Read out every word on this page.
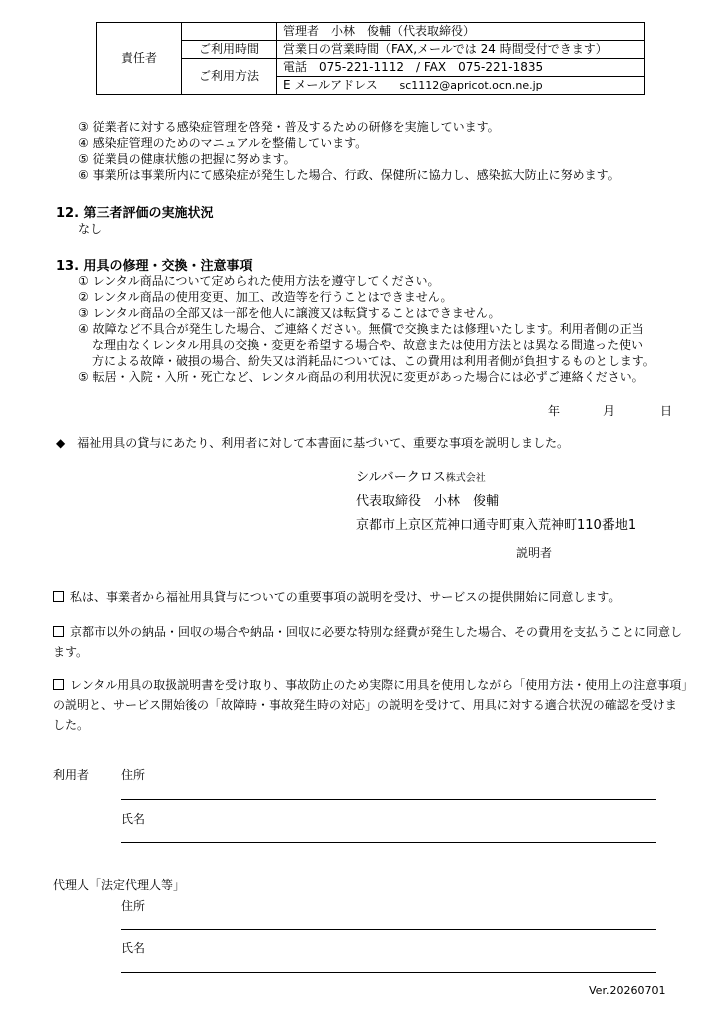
責任者		管理者　小林　俊輔（代表取締役）
	ご利用時間	営業日の営業時間（FAX,メールでは 24 時間受付できます）
	ご利用方法	電話　075-221-1112　/ FAX　075-221-1835
		E メールアドレス sc1112@apricot.ocn.ne.jp
③ 従業者に対する感染症管理を啓発・普及するための研修を実施しています。
④ 感染症管理のためのマニュアルを整備しています。
⑤ 従業員の健康状態の把握に努めます。
⑥ 事業所は事業所内にて感染症が発生した場合、行政、保健所に協力し、感染拡大防止に努めます。
12. 第三者評価の実施状況
なし
13. 用具の修理・交換・注意事項
① レンタル商品について定められた使用方法を遵守してください。
② レンタル商品の使用変更、加工、改造等を行うことはできません。
③ レンタル商品の全部又は一部を他人に譲渡又は転貸することはできません。
④ 故障など不具合が発生した場合、ご連絡ください。無償で交換または修理いたします。利用者側の正当
な理由なくレンタル用具の交換・変更を希望する場合や、故意または使用方法とは異なる間違った使い
方による故障・破損の場合、紛失又は消耗品については、この費用は利用者側が負担するものとします。
⑤ 転居・入院・入所・死亡など、レンタル商品の利用状況に変更があった場合には必ずご連絡ください。
年	月	日
◆　福祉用具の貸与にあたり、利用者に対して本書面に基づいて、重要な事項を説明しました。
シルバークロス株式会社
代表取締役　小林　俊輔
京都市上京区荒神口通寺町東入荒神町110番地1
説明者
私は、事業者から福祉用具貸与についての重要事項の説明を受け、サービスの提供開始に同意します。
京都市以外の納品・回収の場合や納品・回収に必要な特別な経費が発生した場合、その費用を支払うことに同意します。
レンタル用具の取扱説明書を受け取り、事故防止のため実際に用具を使用しながら「使用方法・使用上の注意事項」の説明と、サービス開始後の「故障時・事故発生時の対応」の説明を受けて、用具に対する適合状況の確認を受けました。
利用者	住所
氏名
代理人「法定代理人等」
住所
氏名
Ver.20260701
